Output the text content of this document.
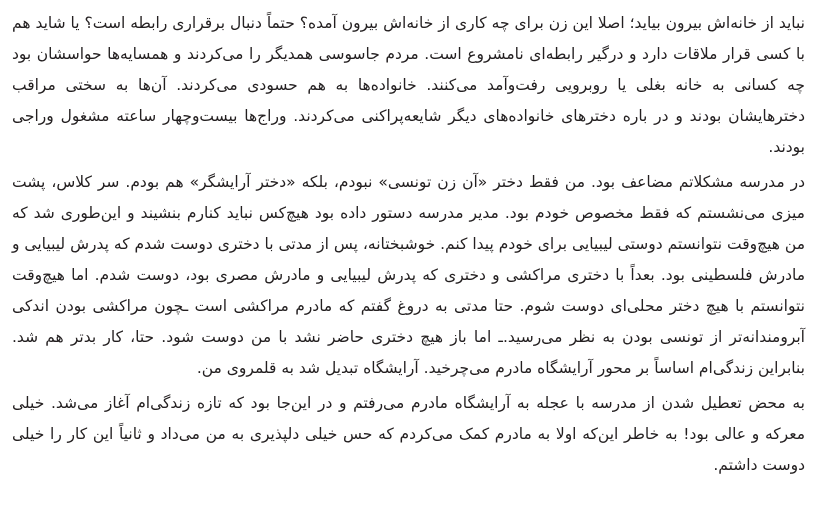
نباید از خانه‌اش بیرون بیاید؛ اصلا این زن برای چه کاری از خانه‌اش بیرون آمده؟ حتماً دنبال برقراری رابطه است؟ یا شاید هم با کسی قرار ملاقات دارد و درگیر رابطه‌ای نامشروع است. مردم جاسوسی همدیگر را می‌کردند و همسایه‌ها حواسشان بود چه کسانی به خانه بغلی یا روبرویی رفت‌وآمد می‌کنند. خانواده‌ها به هم حسودی می‌کردند. آن‌ها به سختی مراقب دخترهایشان بودند و در باره دخترهای خانواده‌های دیگر شایعه‌پراکنی می‌کردند. وراج‌ها بیست‌وچهار ساعته مشغول وراجی بودند.

در مدرسه مشکلاتم مضاعف بود. من فقط دختر «آن زن تونسی» نبودم، بلکه «دختر آرایشگر» هم بودم. سر کلاس، پشت میزی می‌نشستم که فقط مخصوص خودم بود. مدیر مدرسه دستور داده بود هیچ‌کس نباید کنارم بنشیند و این‌طوری شد که من هیچ‌وقت نتوانستم دوستی لیبیایی برای خودم پیدا کنم. خوشبختانه، پس از مدتی با دختری دوست شدم که پدرش لیبیایی و مادرش فلسطینی بود. بعداً با دختری مراکشی و دختری که پدرش لیبیایی و مادرش مصری بود، دوست شدم. اما هیچ‌وقت نتوانستم با هیچ دختر محلی‌ای دوست شوم. حتا مدتی به دروغ گفتم که مادرم مراکشی است ـچون مراکشی بودن اندکی آبرومندانه‌تر از تونسی بودن به نظر می‌رسید.ـ اما باز هیچ دختری حاضر نشد با من دوست شود. حتا، کار بدتر هم شد. بنابراین زندگی‌ام اساساً بر محور آرایشگاه مادرم می‌چرخید. آرایشگاه تبدیل شد به قلمروی من.

به محض تعطیل شدن از مدرسه با عجله به آرایشگاه مادرم می‌رفتم و در این‌جا بود که تازه زندگی‌ام آغاز می‌شد. خیلی معرکه و عالی بود! به خاطر این‌که اولا به مادرم کمک می‌کردم که حس خیلی دلپذیری به من می‌داد و ثانیاً این کار را خیلی دوست داشتم.
